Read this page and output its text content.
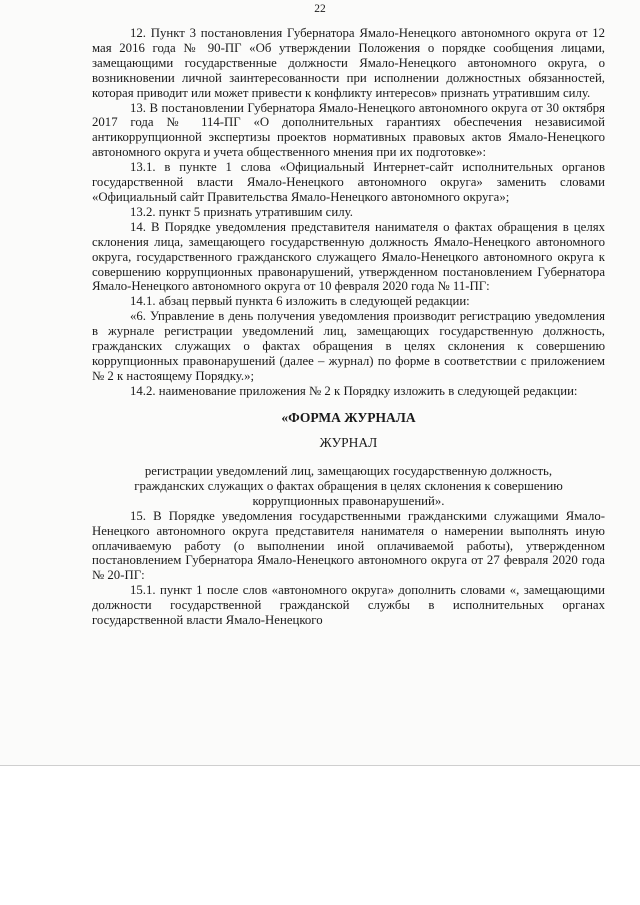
22

12. Пункт 3 постановления Губернатора Ямало-Ненецкого автономного округа от 12 мая 2016 года № 90-ПГ «Об утверждении Положения о порядке сообщения лицами, замещающими государственные должности Ямало-Ненецкого автономного округа, о возникновении личной заинтересованности при исполнении должностных обязанностей, которая приводит или может привести к конфликту интересов» признать утратившим силу.

13. В постановлении Губернатора Ямало-Ненецкого автономного округа от 30 октября 2017 года № 114-ПГ «О дополнительных гарантиях обеспечения независимой антикоррупционной экспертизы проектов нормативных правовых актов Ямало-Ненецкого автономного округа и учета общественного мнения при их подготовке»:

13.1. в пункте 1 слова «Официальный Интернет-сайт исполнительных органов государственной власти Ямало-Ненецкого автономного округа» заменить словами «Официальный сайт Правительства Ямало-Ненецкого автономного округа»;

13.2. пункт 5 признать утратившим силу.

14. В Порядке уведомления представителя нанимателя о фактах обращения в целях склонения лица, замещающего государственную должность Ямало-Ненецкого автономного округа, государственного гражданского служащего Ямало-Ненецкого автономного округа к совершению коррупционных правонарушений, утвержденном постановлением Губернатора Ямало-Ненецкого автономного округа от 10 февраля 2020 года № 11-ПГ:

14.1. абзац первый пункта 6 изложить в следующей редакции:

«6. Управление в день получения уведомления производит регистрацию уведомления в журнале регистрации уведомлений лиц, замещающих государственную должность, гражданских служащих о фактах обращения в целях склонения к совершению коррупционных правонарушений (далее – журнал) по форме в соответствии с приложением № 2 к настоящему Порядку.»;

14.2. наименование приложения № 2 к Порядку изложить в следующей редакции:

«ФОРМА ЖУРНАЛА

ЖУРНАЛ

регистрации уведомлений лиц, замещающих государственную должность,

гражданских служащих о фактах обращения в целях склонения к совершению

коррупционных правонарушений».

15. В Порядке уведомления государственными гражданскими служащими Ямало-Ненецкого автономного округа представителя нанимателя о намерении выполнять иную оплачиваемую работу (о выполнении иной оплачиваемой работы), утвержденном постановлением Губернатора Ямало-Ненецкого автономного округа от 27 февраля 2020 года № 20-ПГ:

15.1. пункт 1 после слов «автономного округа» дополнить словами «, замещающими должности государственной гражданской службы в исполнительных органах государственной власти Ямало-Ненецкого
